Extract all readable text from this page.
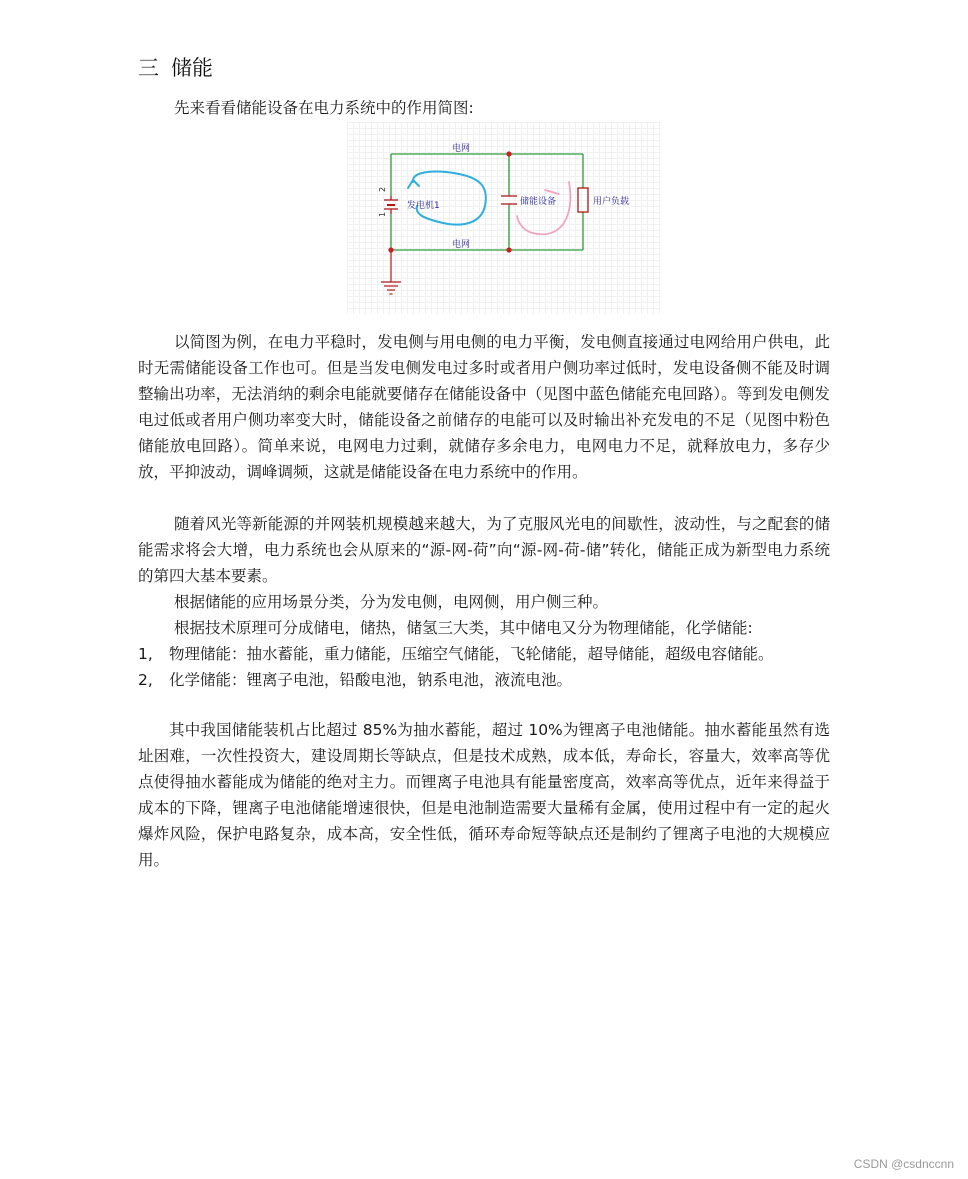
三 储能
先来看看储能设备在电力系统中的作用简图:
2
1
电网
电网
发电机1	储能设备	用户负载
以简图为例，在电力平稳时，发电侧与用电侧的电力平衡，发电侧直接通过电网给用户供电，此时无需储能设备工作也可。但是当发电侧发电过多时或者用户侧功率过低时，发电设备侧不能及时调整输出功率，无法消纳的剩余电能就要储存在储能设备中（见图中蓝色储能充电回路）。等到发电侧发电过低或者用户侧功率变大时，储能设备之前储存的电能可以及时输出补充发电的不足（见图中粉色储能放电回路）。简单来说，电网电力过剩，就储存多余电力，电网电力不足，就释放电力，多存少放，平抑波动，调峰调频，这就是储能设备在电力系统中的作用。
随着风光等新能源的并网装机规模越来越大，为了克服风光电的间歇性，波动性，与之配套的储能需求将会大增，电力系统也会从原来的“源-网-荷”向“源-网-荷-储”转化，储能正成为新型电力系统的第四大基本要素。
根据储能的应用场景分类，分为发电侧，电网侧，用户侧三种。
根据技术原理可分成储电，储热，储氢三大类，其中储电又分为物理储能，化学储能:
1, 物理储能：抽水蓄能，重力储能，压缩空气储能，飞轮储能，超导储能，超级电容储能。
2, 化学储能：锂离子电池，铅酸电池，钠系电池，液流电池。
其中我国储能装机占比超过 85%为抽水蓄能，超过 10%为锂离子电池储能。抽水蓄能虽然有选址困难，一次性投资大，建设周期长等缺点，但是技术成熟，成本低，寿命长，容量大，效率高等优点使得抽水蓄能成为储能的绝对主力。而锂离子电池具有能量密度高，效率高等优点，近年来得益于成本的下降，锂离子电池储能增速很快，但是电池制造需要大量稀有金属，使用过程中有一定的起火爆炸风险，保护电路复杂，成本高，安全性低，循环寿命短等缺点还是制约了锂离子电池的大规模应用。
CSDN @csdnccnn
